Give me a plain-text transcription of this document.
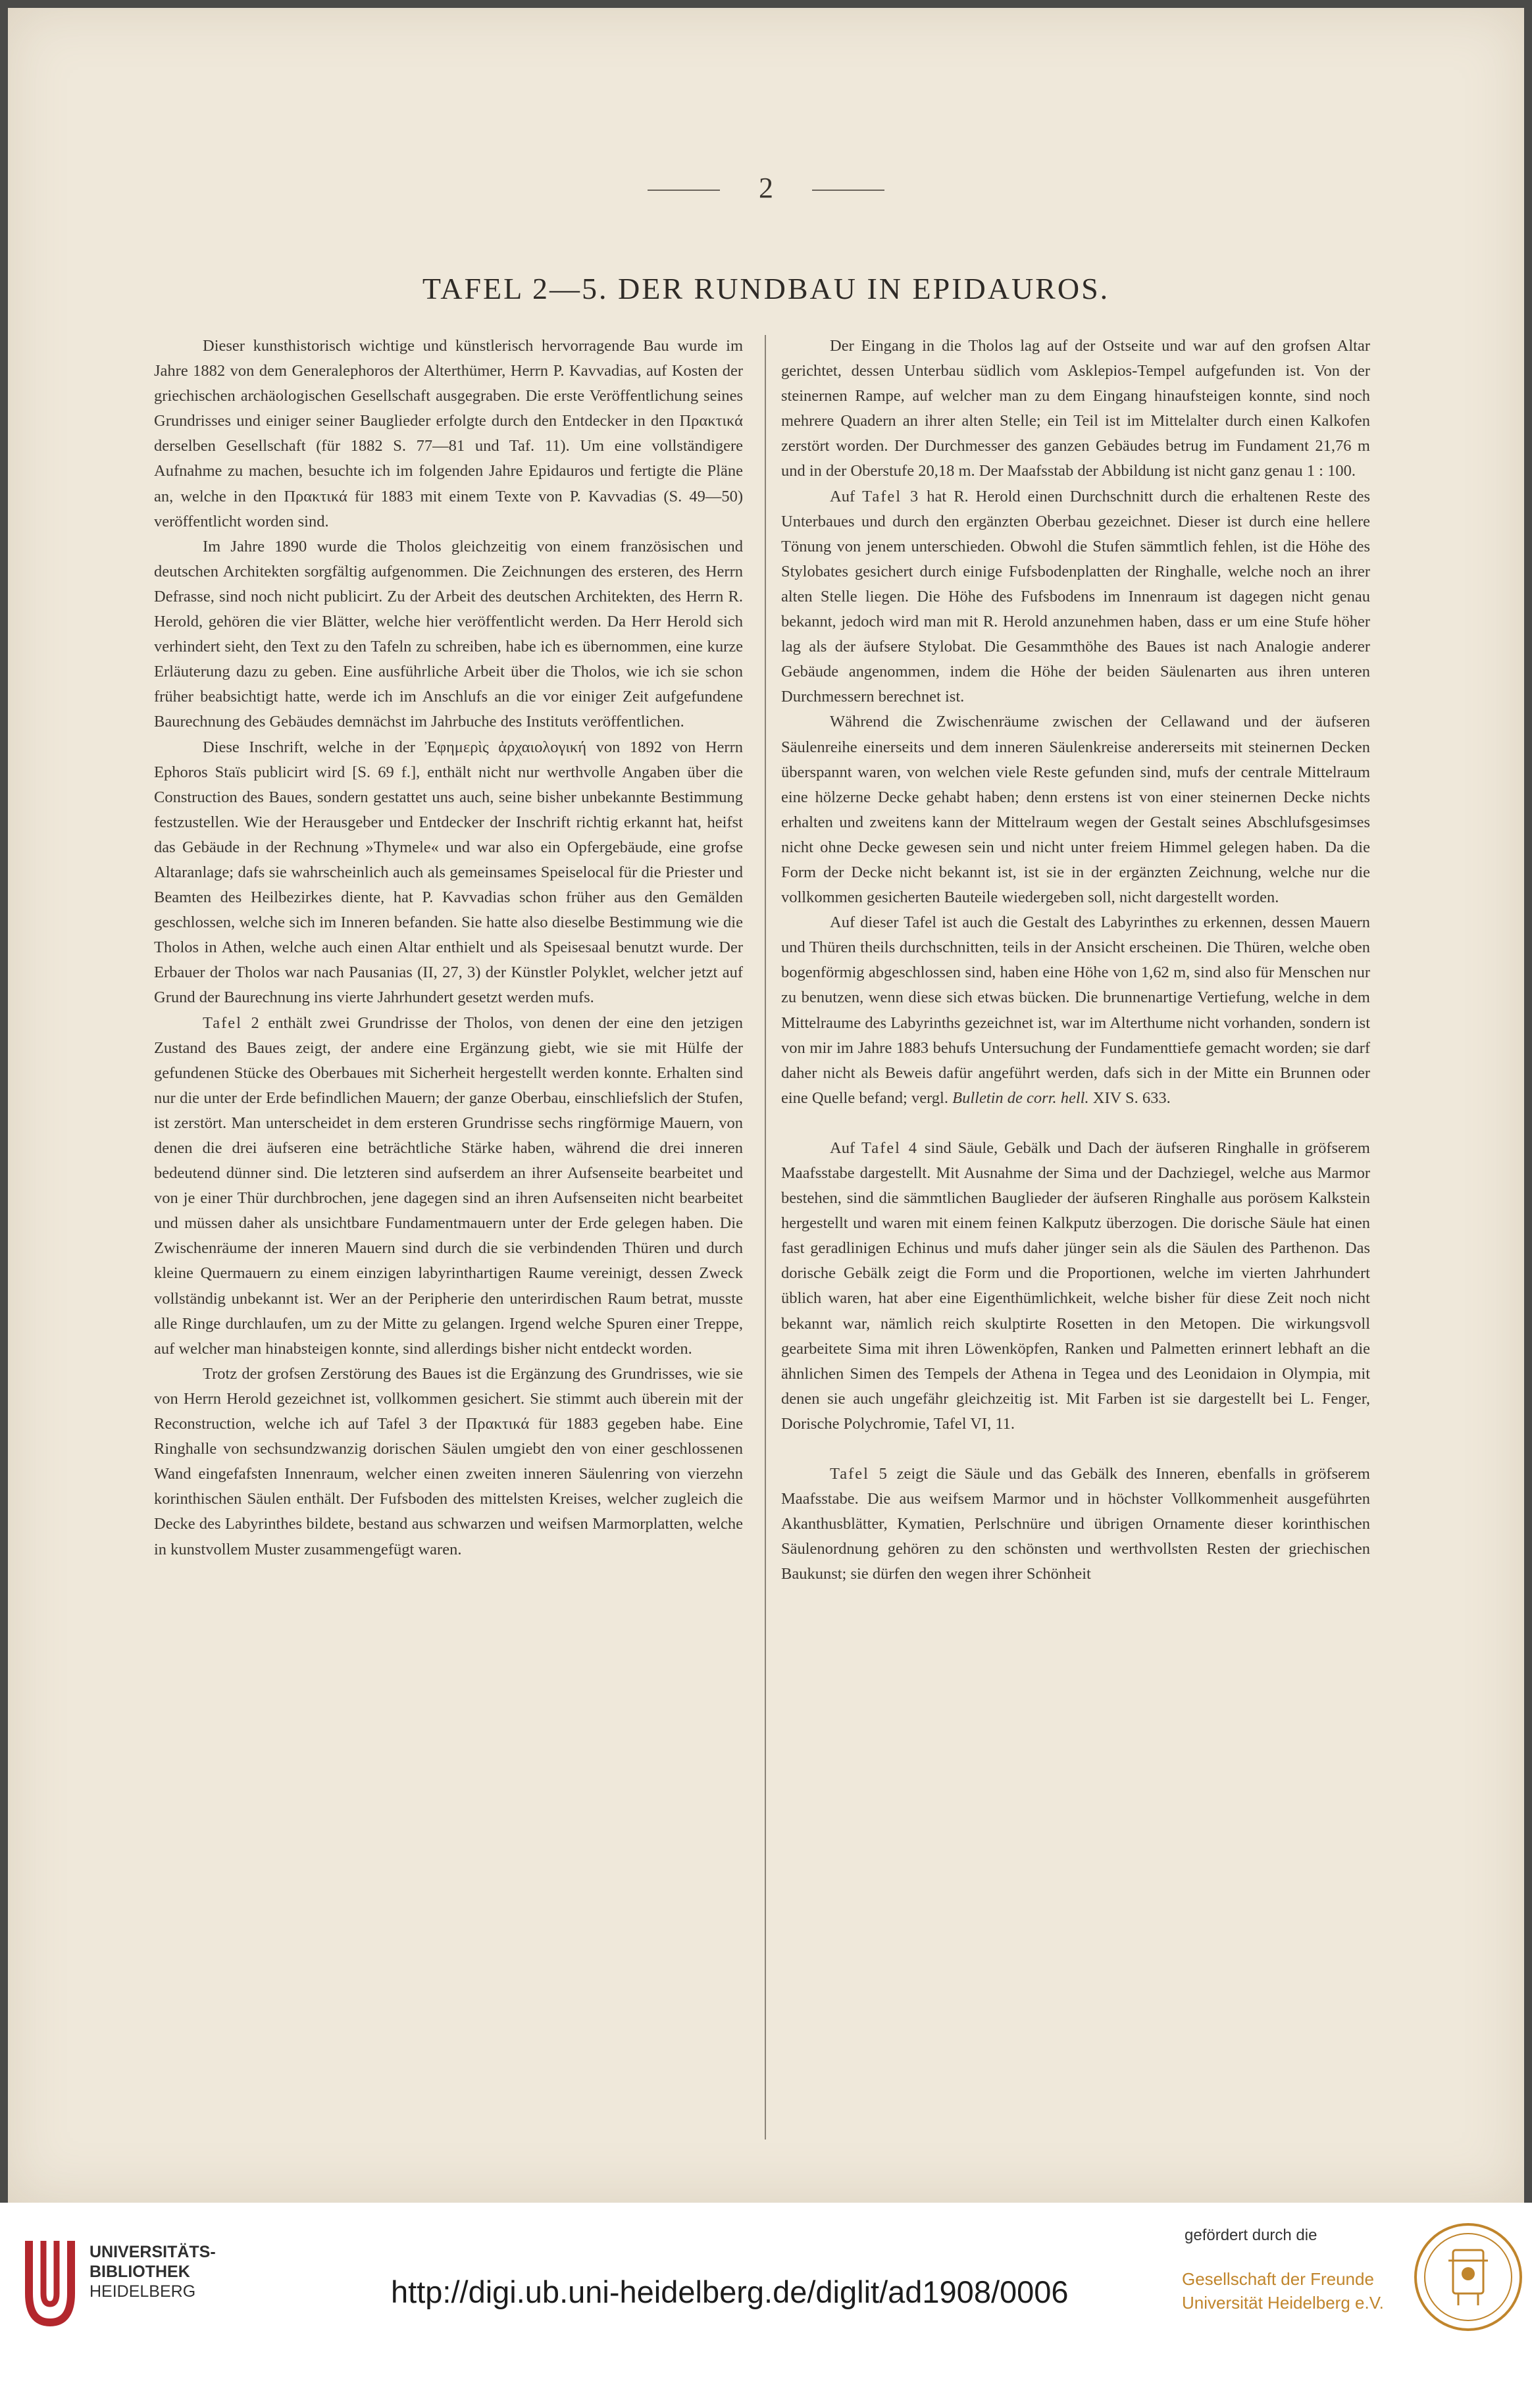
2
TAFEL 2—5. DER RUNDBAU IN EPIDAUROS.

Dieser kunsthistorisch wichtige und künstlerisch hervorragende Bau wurde im Jahre 1882 von dem Generalephoros der Alterthümer, Herrn P. Kavvadias, auf Kosten der griechischen archäologischen Gesellschaft ausgegraben. Die erste Veröffentlichung seines Grundrisses und einiger seiner Bauglieder erfolgte durch den Entdecker in den Πρακτικά derselben Gesellschaft (für 1882 S. 77—81 und Taf. 11). Um eine vollständigere Aufnahme zu machen, besuchte ich im folgenden Jahre Epidauros und fertigte die Pläne an, welche in den Πρακτικά für 1883 mit einem Texte von P. Kavvadias (S. 49—50) veröffentlicht worden sind.

Im Jahre 1890 wurde die Tholos gleichzeitig von einem französischen und deutschen Architekten sorgfältig aufgenommen. Die Zeichnungen des ersteren, des Herrn Defrasse, sind noch nicht publicirt. Zu der Arbeit des deutschen Architekten, des Herrn R. Herold, gehören die vier Blätter, welche hier veröffentlicht werden. Da Herr Herold sich verhindert sieht, den Text zu den Tafeln zu schreiben, habe ich es übernommen, eine kurze Erläuterung dazu zu geben. Eine ausführliche Arbeit über die Tholos, wie ich sie schon früher beabsichtigt hatte, werde ich im Anschlufs an die vor einiger Zeit aufgefundene Baurechnung des Gebäudes demnächst im Jahrbuche des Instituts veröffentlichen.

Diese Inschrift, welche in der Ἐφημερὶς ἀρχαιολογική von 1892 von Herrn Ephoros Staïs publicirt wird [S. 69 f.], enthält nicht nur werthvolle Angaben über die Construction des Baues, sondern gestattet uns auch, seine bisher unbekannte Bestimmung festzustellen. Wie der Herausgeber und Entdecker der Inschrift richtig erkannt hat, heifst das Gebäude in der Rechnung »Thymele« und war also ein Opfergebäude, eine grofse Altaranlage; dafs sie wahrscheinlich auch als gemeinsames Speiselocal für die Priester und Beamten des Heilbezirkes diente, hat P. Kavvadias schon früher aus den Gemälden geschlossen, welche sich im Inneren befanden. Sie hatte also dieselbe Bestimmung wie die Tholos in Athen, welche auch einen Altar enthielt und als Speisesaal benutzt wurde. Der Erbauer der Tholos war nach Pausanias (II, 27, 3) der Künstler Polyklet, welcher jetzt auf Grund der Baurechnung ins vierte Jahrhundert gesetzt werden mufs.

Tafel 2 enthält zwei Grundrisse der Tholos, von denen der eine den jetzigen Zustand des Baues zeigt, der andere eine Ergänzung giebt, wie sie mit Hülfe der gefundenen Stücke des Oberbaues mit Sicherheit hergestellt werden konnte. Erhalten sind nur die unter der Erde befindlichen Mauern; der ganze Oberbau, einschliefslich der Stufen, ist zerstört. Man unterscheidet in dem ersteren Grundrisse sechs ringförmige Mauern, von denen die drei äufseren eine beträchtliche Stärke haben, während die drei inneren bedeutend dünner sind. Die letzteren sind aufserdem an ihrer Aufsenseite bearbeitet und von je einer Thür durchbrochen, jene dagegen sind an ihren Aufsenseiten nicht bearbeitet und müssen daher als unsichtbare Fundamentmauern unter der Erde gelegen haben. Die Zwischenräume der inneren Mauern sind durch die sie verbindenden Thüren und durch kleine Quermauern zu einem einzigen labyrinthartigen Raume vereinigt, dessen Zweck vollständig unbekannt ist. Wer an der Peripherie den unterirdischen Raum betrat, musste alle Ringe durchlaufen, um zu der Mitte zu gelangen. Irgend welche Spuren einer Treppe, auf welcher man hinabsteigen konnte, sind allerdings bisher nicht entdeckt worden.

Trotz der grofsen Zerstörung des Baues ist die Ergänzung des Grundrisses, wie sie von Herrn Herold gezeichnet ist, vollkommen gesichert. Sie stimmt auch überein mit der Reconstruction, welche ich auf Tafel 3 der Πρακτικά für 1883 gegeben habe. Eine Ringhalle von sechsundzwanzig dorischen Säulen umgiebt den von einer geschlossenen Wand eingefafsten Innenraum, welcher einen zweiten inneren Säulenring von vierzehn korinthischen Säulen enthält. Der Fufsboden des mittelsten Kreises, welcher zugleich die Decke des Labyrinthes bildete, bestand aus schwarzen und weifsen Marmorplatten, welche in kunstvollem Muster zusammengefügt waren.

Der Eingang in die Tholos lag auf der Ostseite und war auf den grofsen Altar gerichtet, dessen Unterbau südlich vom Asklepios-Tempel aufgefunden ist. Von der steinernen Rampe, auf welcher man zu dem Eingang hinaufsteigen konnte, sind noch mehrere Quadern an ihrer alten Stelle; ein Teil ist im Mittelalter durch einen Kalkofen zerstört worden. Der Durchmesser des ganzen Gebäudes betrug im Fundament 21,76 m und in der Oberstufe 20,18 m. Der Maafsstab der Abbildung ist nicht ganz genau 1 : 100.

Auf Tafel 3 hat R. Herold einen Durchschnitt durch die erhaltenen Reste des Unterbaues und durch den ergänzten Oberbau gezeichnet. Dieser ist durch eine hellere Tönung von jenem unterschieden. Obwohl die Stufen sämmtlich fehlen, ist die Höhe des Stylobates gesichert durch einige Fufsbodenplatten der Ringhalle, welche noch an ihrer alten Stelle liegen. Die Höhe des Fufsbodens im Innenraum ist dagegen nicht genau bekannt, jedoch wird man mit R. Herold anzunehmen haben, dass er um eine Stufe höher lag als der äufsere Stylobat. Die Gesammthöhe des Baues ist nach Analogie anderer Gebäude angenommen, indem die Höhe der beiden Säulenarten aus ihren unteren Durchmessern berechnet ist.

Während die Zwischenräume zwischen der Cellawand und der äufseren Säulenreihe einerseits und dem inneren Säulenkreise andererseits mit steinernen Decken überspannt waren, von welchen viele Reste gefunden sind, mufs der centrale Mittelraum eine hölzerne Decke gehabt haben; denn erstens ist von einer steinernen Decke nichts erhalten und zweitens kann der Mittelraum wegen der Gestalt seines Abschlufsgesimses nicht ohne Decke gewesen sein und nicht unter freiem Himmel gelegen haben. Da die Form der Decke nicht bekannt ist, ist sie in der ergänzten Zeichnung, welche nur die vollkommen gesicherten Bauteile wiedergeben soll, nicht dargestellt worden.

Auf dieser Tafel ist auch die Gestalt des Labyrinthes zu erkennen, dessen Mauern und Thüren theils durchschnitten, teils in der Ansicht erscheinen. Die Thüren, welche oben bogenförmig abgeschlossen sind, haben eine Höhe von 1,62 m, sind also für Menschen nur zu benutzen, wenn diese sich etwas bücken. Die brunnenartige Vertiefung, welche in dem Mittelraume des Labyrinths gezeichnet ist, war im Alterthume nicht vorhanden, sondern ist von mir im Jahre 1883 behufs Untersuchung der Fundamenttiefe gemacht worden; sie darf daher nicht als Beweis dafür angeführt werden, dafs sich in der Mitte ein Brunnen oder eine Quelle befand; vergl. Bulletin de corr. hell. XIV S. 633.

Auf Tafel 4 sind Säule, Gebälk und Dach der äufseren Ringhalle in gröfserem Maafsstabe dargestellt. Mit Ausnahme der Sima und der Dachziegel, welche aus Marmor bestehen, sind die sämmtlichen Bauglieder der äufseren Ringhalle aus porösem Kalkstein hergestellt und waren mit einem feinen Kalkputz überzogen. Die dorische Säule hat einen fast geradlinigen Echinus und mufs daher jünger sein als die Säulen des Parthenon. Das dorische Gebälk zeigt die Form und die Proportionen, welche im vierten Jahrhundert üblich waren, hat aber eine Eigenthümlichkeit, welche bisher für diese Zeit noch nicht bekannt war, nämlich reich skulptirte Rosetten in den Metopen. Die wirkungsvoll gearbeitete Sima mit ihren Löwenköpfen, Ranken und Palmetten erinnert lebhaft an die ähnlichen Simen des Tempels der Athena in Tegea und des Leonidaion in Olympia, mit denen sie auch ungefähr gleichzeitig ist. Mit Farben ist sie dargestellt bei L. Fenger, Dorische Polychromie, Tafel VI, 11.

Tafel 5 zeigt die Säule und das Gebälk des Inneren, ebenfalls in gröfserem Maafsstabe. Die aus weifsem Marmor und in höchster Vollkommenheit ausgeführten Akanthusblätter, Kymatien, Perlschnüre und übrigen Ornamente dieser korinthischen Säulenordnung gehören zu den schönsten und werthvollsten Resten der griechischen Baukunst; sie dürfen den wegen ihrer Schönheit

UNIVERSITÄTS-
BIBLIOTHEK
HEIDELBERG	http://digi.ub.uni-heidelberg.de/diglit/ad1908/0006
gefördert durch die
Gesellschaft der Freunde
Universität Heidelberg e.V.
